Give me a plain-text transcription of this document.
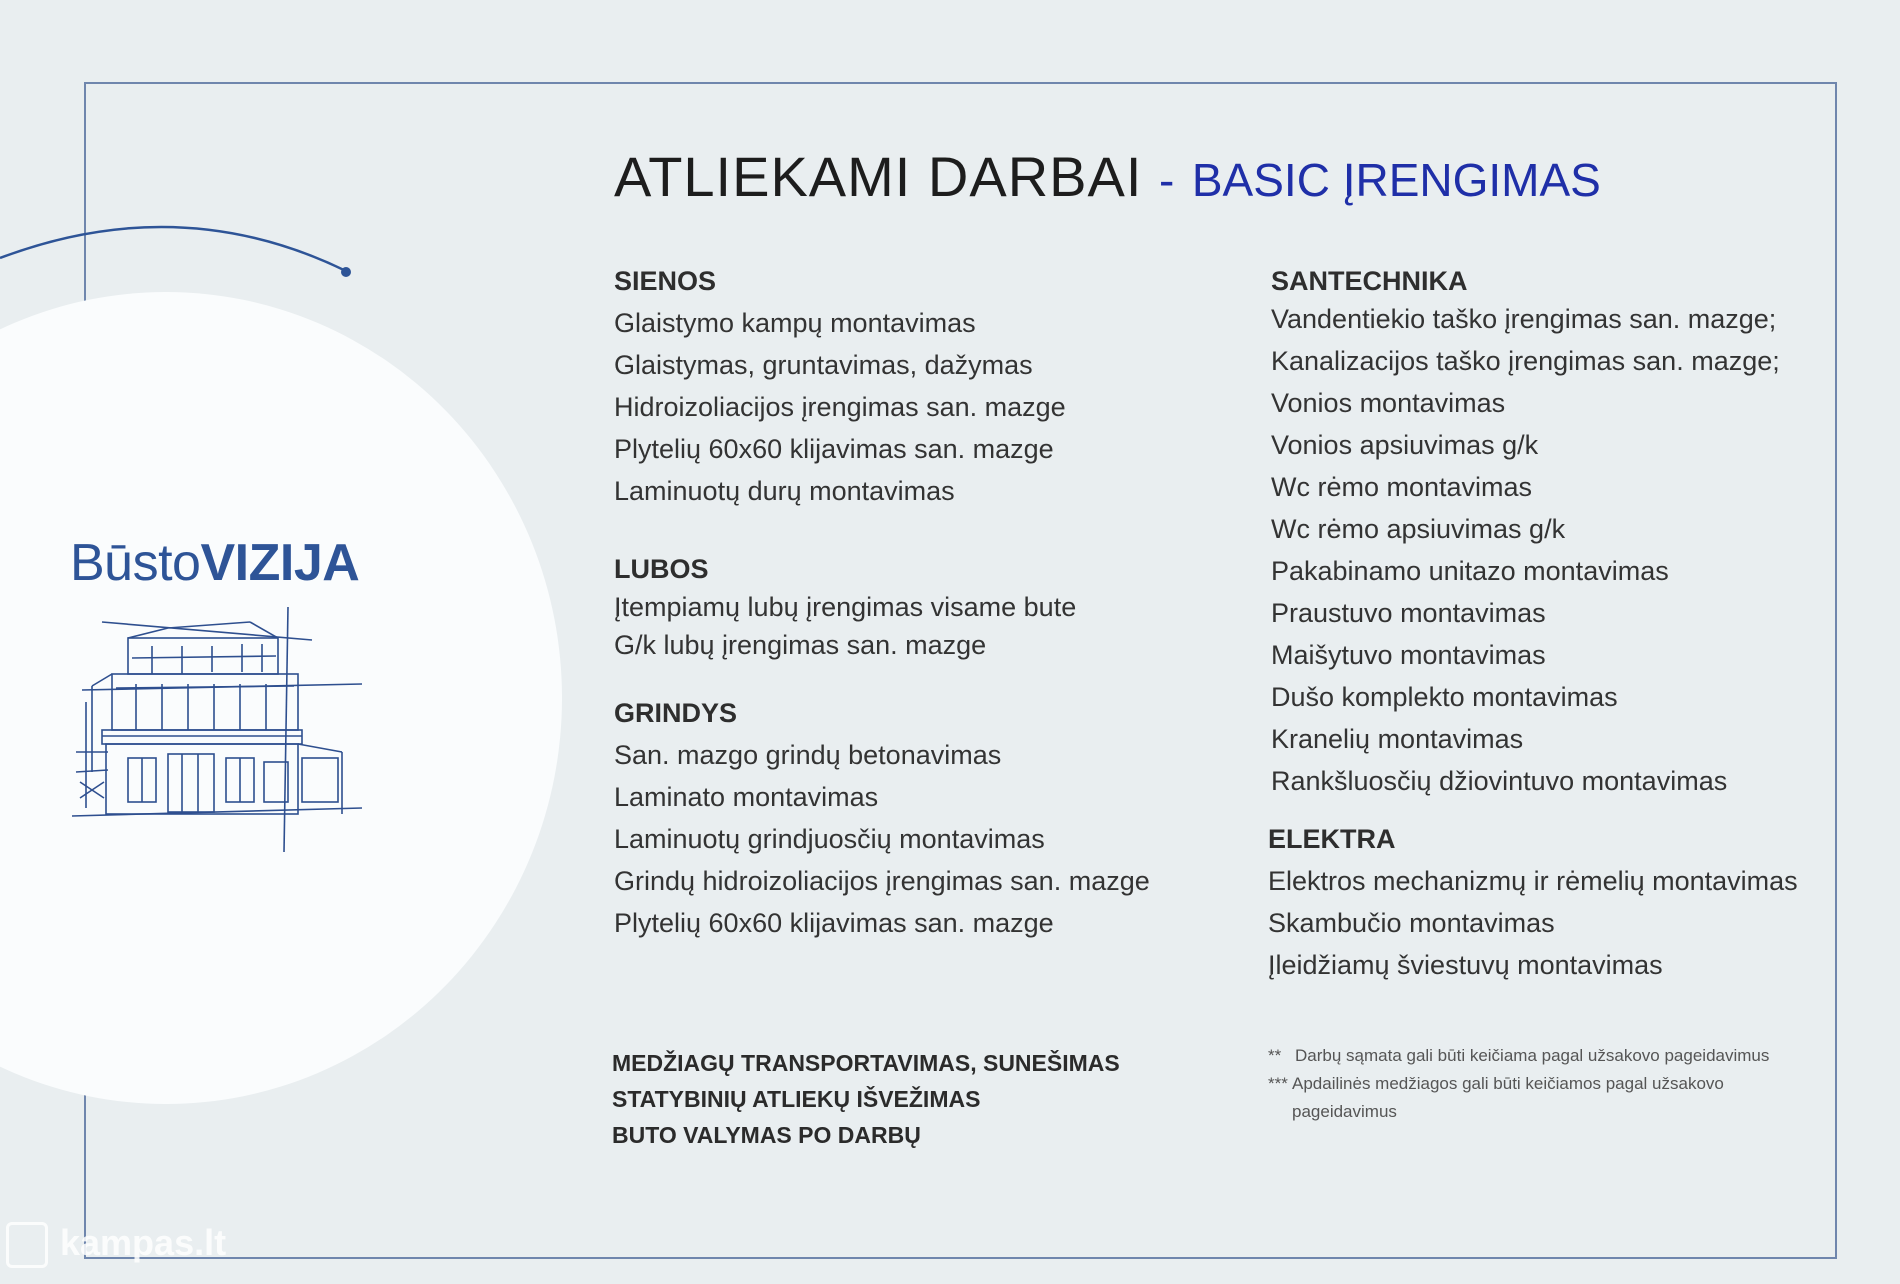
BūstoVIZIJA
ATLIEKAMI DARBAI - BASIC ĮRENGIMAS
SIENOS
Glaistymo kampų montavimas
Glaistymas, gruntavimas, dažymas
Hidroizoliacijos įrengimas san. mazge
Plytelių 60x60 klijavimas san. mazge
Laminuotų durų montavimas
LUBOS
Įtempiamų lubų įrengimas visame bute
G/k lubų įrengimas san. mazge
GRINDYS
San. mazgo grindų betonavimas
Laminato montavimas
Laminuotų grindjuosčių montavimas
Grindų hidroizoliacijos įrengimas san. mazge
Plytelių 60x60 klijavimas san. mazge
SANTECHNIKA
Vandentiekio taško įrengimas san. mazge;
Kanalizacijos taško įrengimas san. mazge;
Vonios montavimas
Vonios apsiuvimas g/k
Wc rėmo montavimas
Wc rėmo apsiuvimas g/k
Pakabinamo unitazo montavimas
Praustuvo montavimas
Maišytuvo montavimas
Dušo komplekto montavimas
Kranelių montavimas
Rankšluosčių džiovintuvo montavimas
ELEKTRA
Elektros mechanizmų ir rėmelių montavimas
Skambučio montavimas
Įleidžiamų šviestuvų montavimas
MEDŽIAGŲ TRANSPORTAVIMAS, SUNEŠIMAS
STATYBINIŲ ATLIEKŲ IŠVEŽIMAS
BUTO VALYMAS PO DARBŲ
** Darbų sąmata gali būti keičiama pagal užsakovo pageidavimus
*** Apdailinės medžiagos gali būti keičiamos pagal užsakovo
pageidavimus
kampas.lt
